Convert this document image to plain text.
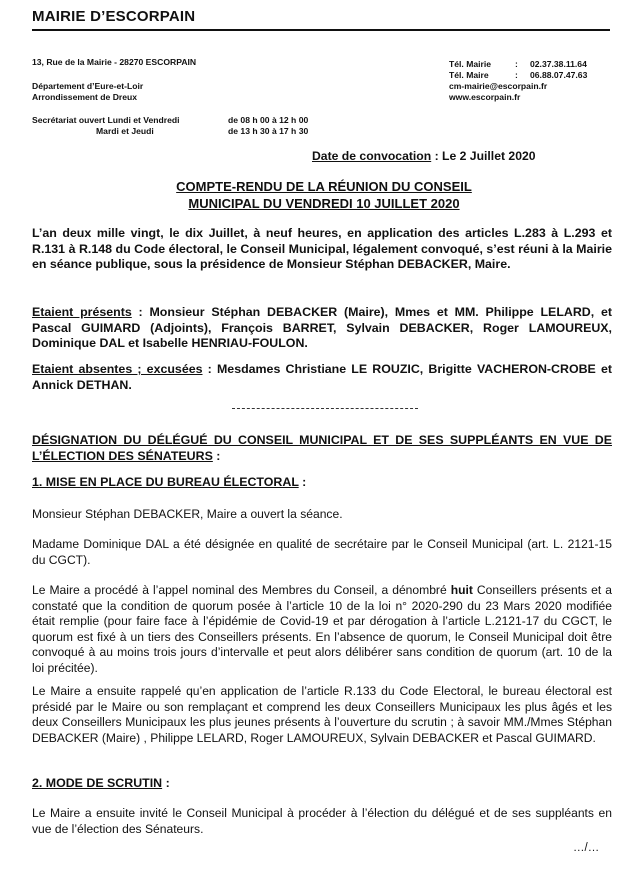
MAIRIE D’ESCORPAIN
13, Rue de la Mairie - 28270 ESCORPAIN
Département d’Eure-et-Loir
Arrondissement de Dreux
Secrétariat ouvert Lundi et Vendredi	de 08 h 00 à 12 h 00
Mardi et Jeudi	de 13 h 30 à 17 h 30
Tél. Mairie	:	02.37.38.11.64
Tél. Maire	:	06.88.07.47.63
cm-mairie@escorpain.fr
www.escorpain.fr
Date de convocation : Le 2 Juillet 2020
COMPTE-RENDU DE LA RÉUNION DU CONSEIL
MUNICIPAL DU VENDREDI 10 JUILLET 2020
L’an deux mille vingt, le dix Juillet, à neuf heures, en application des articles L.283 à L.293 et R.131 à R.148 du Code électoral, le Conseil Municipal, légalement convoqué, s’est réuni à la Mairie en séance publique, sous la présidence de Monsieur Stéphan DEBACKER, Maire.
Etaient présents : Monsieur Stéphan DEBACKER (Maire), Mmes et MM. Philippe LELARD, et Pascal GUIMARD (Adjoints), François BARRET, Sylvain DEBACKER, Roger LAMOUREUX, Dominique DAL et Isabelle HENRIAU-FOULON.
Etaient absentes ; excusées : Mesdames Christiane LE ROUZIC, Brigitte VACHERON-CROBE et Annick DETHAN.
DÉSIGNATION DU DÉLÉGUÉ DU CONSEIL MUNICIPAL ET DE SES SUPPLÉANTS EN VUE DE L’ÉLECTION DES SÉNATEURS :
1. MISE EN PLACE DU BUREAU ÉLECTORAL :
Monsieur Stéphan DEBACKER, Maire a ouvert la séance.
Madame Dominique DAL a été désignée en qualité de secrétaire par le Conseil Municipal (art. L. 2121-15 du CGCT).
Le Maire a procédé à l’appel nominal des Membres du Conseil, a dénombré huit Conseillers présents et a constaté que la condition de quorum posée à l’article 10 de la loi n° 2020-290 du 23 Mars 2020 modifiée était remplie (pour faire face à l’épidémie de Covid-19 et par dérogation à l’article L.2121-17 du CGCT, le quorum est fixé à un tiers des Conseillers présents. En l’absence de quorum, le Conseil Municipal doit être convoqué à au moins trois jours d’intervalle et peut alors délibérer sans condition de quorum (art. 10 de la loi précitée).
Le Maire a ensuite rappelé qu’en application de l’article R.133 du Code Electoral, le bureau électoral est présidé par le Maire ou son remplaçant et comprend les deux Conseillers Municipaux les plus âgés et les deux Conseillers Municipaux les plus jeunes présents à l’ouverture du scrutin ; à savoir MM./Mmes Stéphan DEBACKER (Maire) , Philippe LELARD, Roger LAMOUREUX, Sylvain DEBACKER et Pascal GUIMARD.
2. MODE DE SCRUTIN :
Le Maire a ensuite invité le Conseil Municipal à procéder à l’élection du délégué et de ses suppléants en vue de l’élection des Sénateurs.
…/…
